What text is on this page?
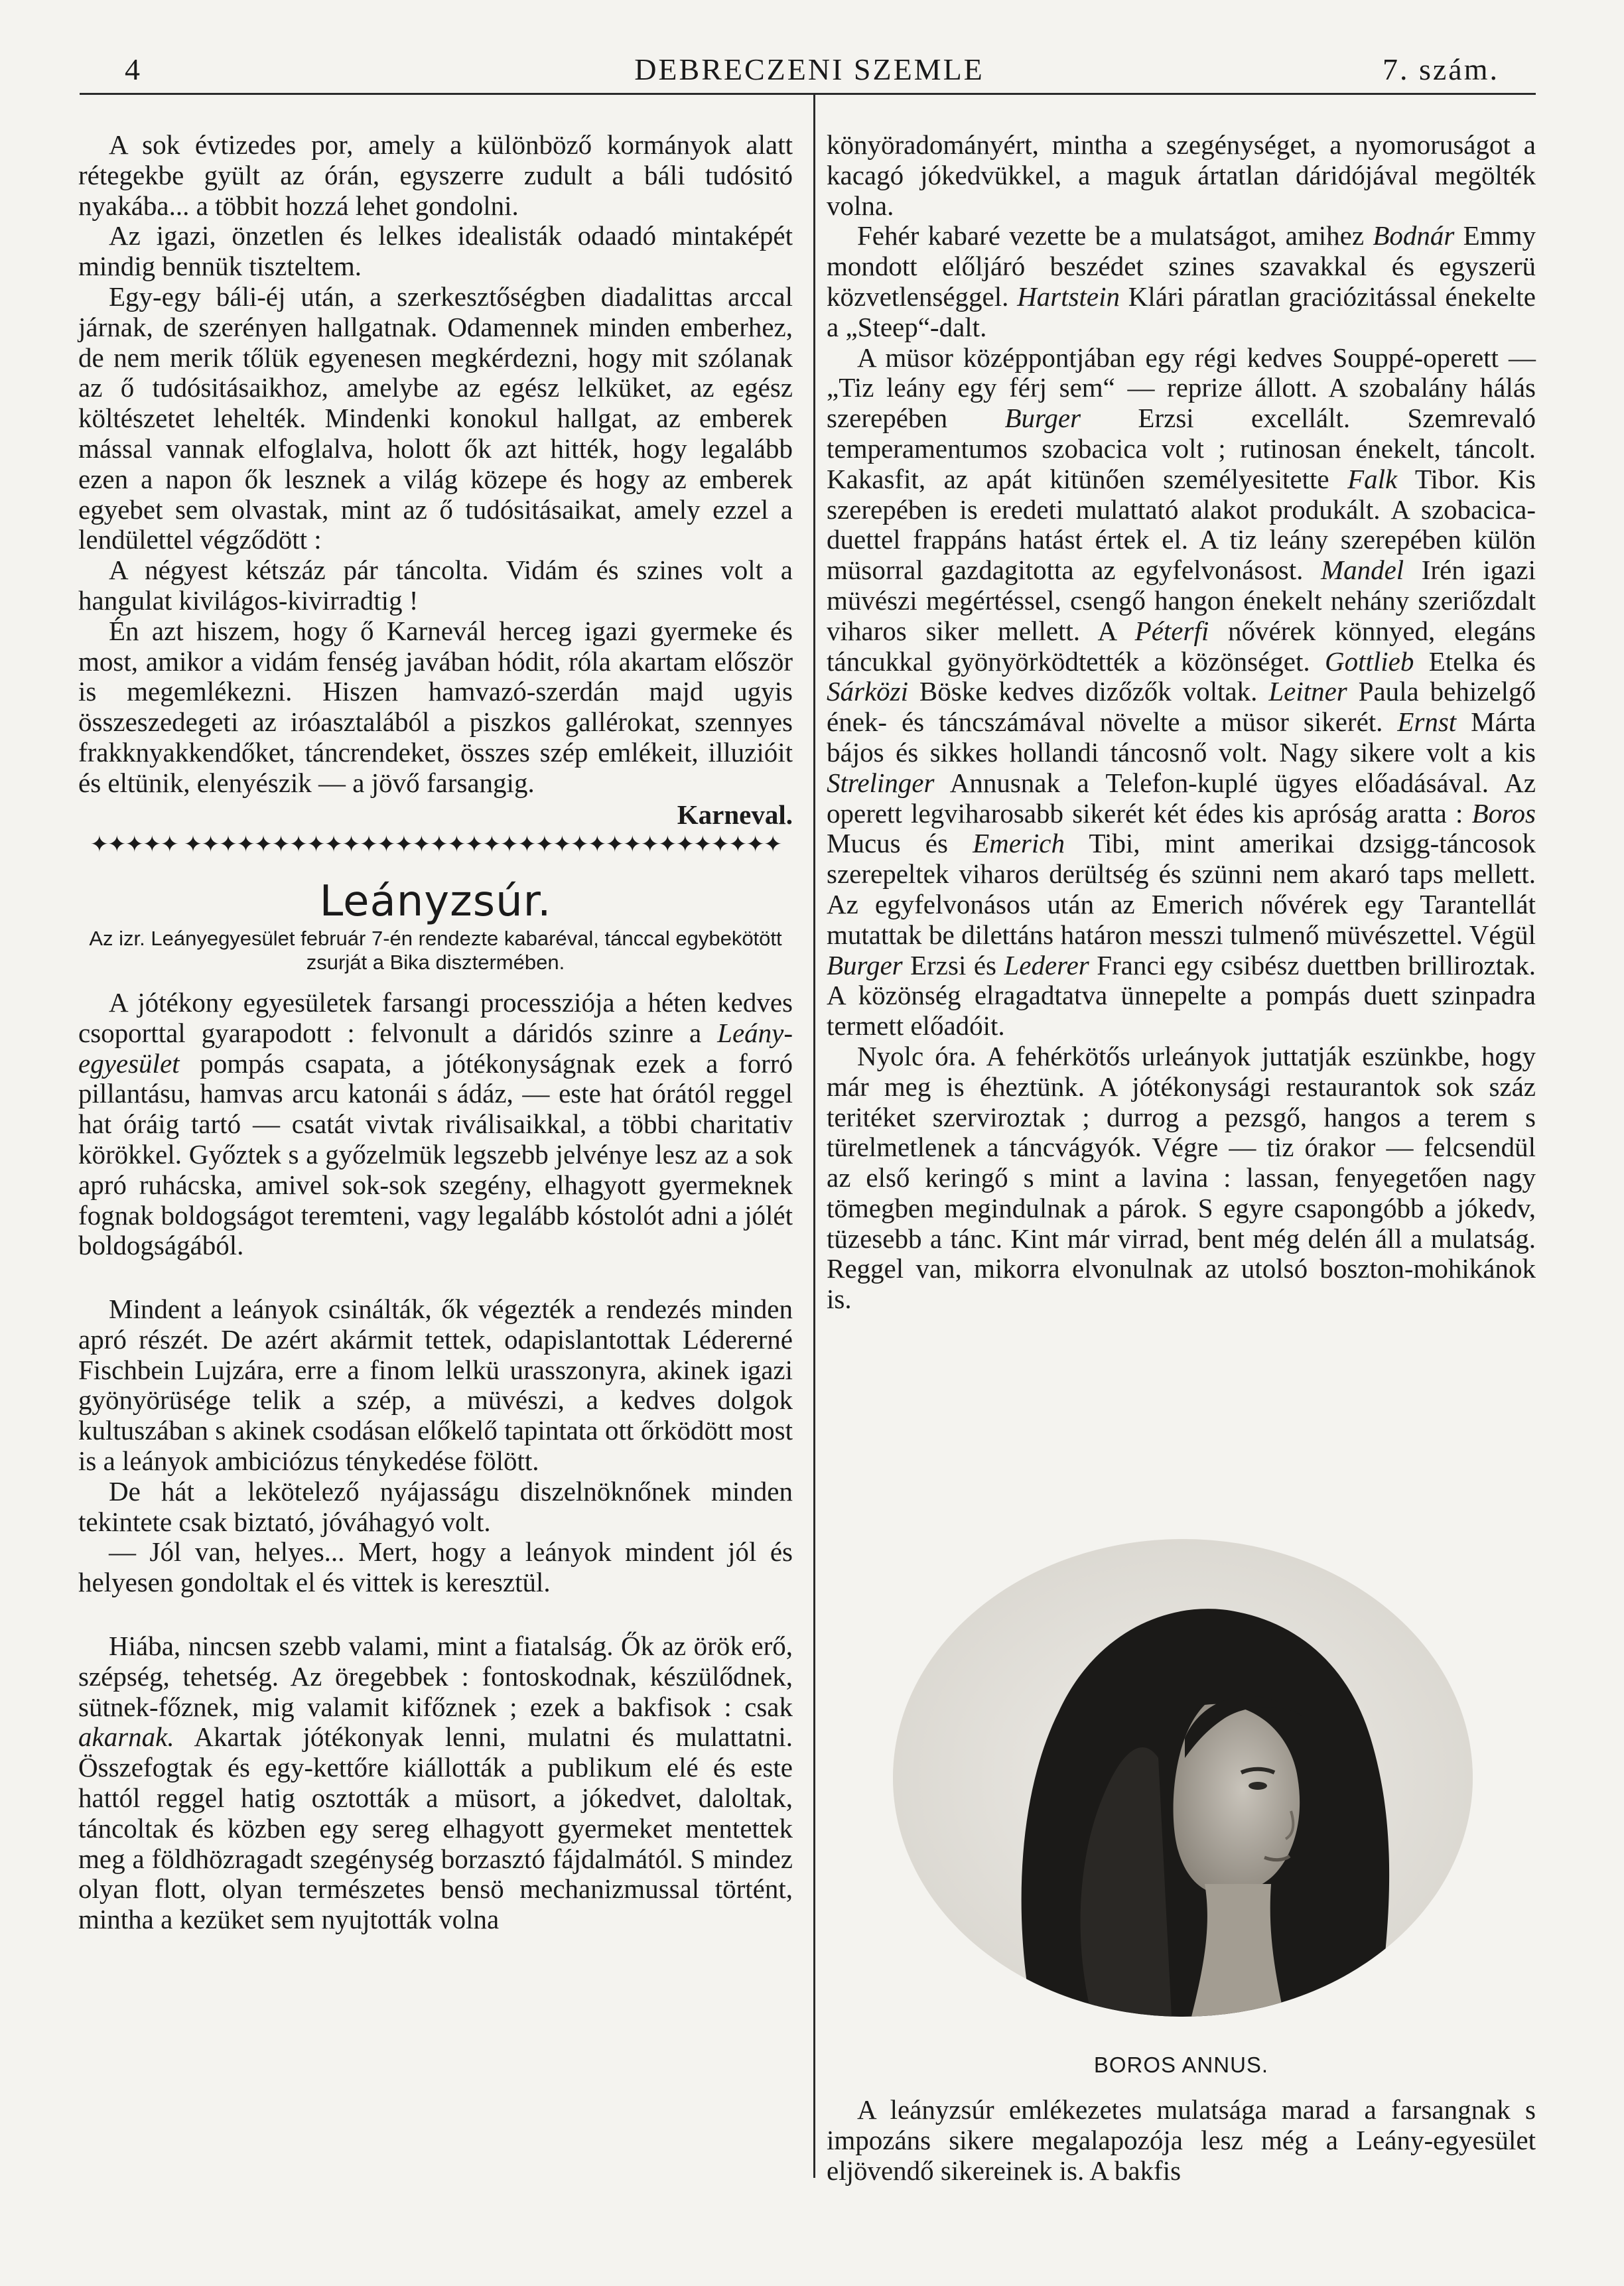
4	DEBRECZENI SZEMLE	7. szám.

A sok évtizedes por, amely a különböző kormányok alatt rétegekbe gyült az órán, egyszerre zudult a báli tudósitó nyakába... a többit hozzá lehet gondolni.

Az igazi, önzetlen és lelkes idealisták odaadó mintaképét mindig bennük tiszteltem.

Egy-egy báli-éj után, a szerkesztőségben diadalittas arccal járnak, de szerényen hallgatnak. Odamennek minden emberhez, de nem merik tőlük egyenesen megkérdezni, hogy mit szólanak az ő tudósitásaikhoz, amelybe az egész lelküket, az egész költészetet lehelték. Mindenki konokul hallgat, az emberek mással vannak elfoglalva, holott ők azt hitték, hogy legalább ezen a napon ők lesznek a világ közepe és hogy az emberek egyebet sem olvastak, mint az ő tudósitásaikat, amely ezzel a lendülettel végződött :

A négyest kétszáz pár táncolta. Vidám és szines volt a hangulat kivilágos-kivirradtig !

Én azt hiszem, hogy ő Karnevál herceg igazi gyermeke és most, amikor a vidám fenség javában hódit, róla akartam először is megemlékezni. Hiszen hamvazó-szerdán majd ugyis összeszedegeti az iróasztalából a piszkos gallérokat, szennyes frakknyakkendőket, táncrendeket, összes szép emlékeit, illuzióit és eltünik, elenyészik — a jövő farsangig.

Karneval.

✦✦✦✦✦ ✦✦✦✦✦✦✦✦✦✦✦✦✦✦✦✦✦✦✦✦✦✦✦✦✦✦✦✦✦✦✦✦✦✦

Leányzsúr.

Az izr. Leányegyesület február 7-én rendezte kabaréval, tánccal egybekötött zsurját a Bika disztermében.

A jótékony egyesületek farsangi processziója a héten kedves csoporttal gyarapodott : felvonult a dáridós szinre a Leány-egyesület pompás csapata, a jótékonyságnak ezek a forró pillantásu, hamvas arcu katonái s ádáz, — este hat órától reggel hat óráig tartó — csatát vivtak riválisaikkal, a többi charitativ körökkel. Győztek s a győzelmük legszebb jelvénye lesz az a sok apró ruhácska, amivel sok-sok szegény, elhagyott gyermeknek fognak boldogságot teremteni, vagy legalább kóstolót adni a jólét boldogságából.

Mindent a leányok csinálták, ők végezték a rendezés minden apró részét. De azért akármit tettek, odapislantottak Lédererné Fischbein Lujzára, erre a finom lelkü urasszonyra, akinek igazi gyönyörüsége telik a szép, a müvészi, a kedves dolgok kultuszában s akinek csodásan előkelő tapintata ott őrködött most is a leányok ambiciózus ténykedése fölött.

De hát a lekötelező nyájasságu diszelnöknőnek minden tekintete csak biztató, jóváhagyó volt.

— Jól van, helyes... Mert, hogy a leányok mindent jól és helyesen gondoltak el és vittek is keresztül.

Hiába, nincsen szebb valami, mint a fiatalság. Ők az örök erő, szépség, tehetség. Az öregebbek : fontoskodnak, készülődnek, sütnek-főznek, mig valamit kifőznek ; ezek a bakfisok : csak akarnak. Akartak jótékonyak lenni, mulatni és mulattatni. Összefogtak és egy-kettőre kiállották a publikum elé és este hattól reggel hatig osztották a müsort, a jókedvet, daloltak, táncoltak és közben egy sereg elhagyott gyermeket mentettek meg a földhözragadt szegénység borzasztó fájdalmától. S mindez olyan flott, olyan természetes bensö mechanizmussal történt, mintha a kezüket sem nyujtották volna

könyöradományért, mintha a szegénységet, a nyomoruságot a kacagó jókedvükkel, a maguk ártatlan dáridójával megölték volna.

Fehér kabaré vezette be a mulatságot, amihez Bodnár Emmy mondott előljáró beszédet szines szavakkal és egyszerü közvetlenséggel. Hartstein Klári páratlan graciózitással énekelte a „Steep“-dalt.

A müsor középpontjában egy régi kedves Souppé-operett — „Tiz leány egy férj sem“ — reprize állott. A szobalány hálás szerepében Burger Erzsi excellált. Szemrevaló temperamentumos szobacica volt ; rutinosan énekelt, táncolt. Kakasfit, az apát kitünően személyesitette Falk Tibor. Kis szerepében is eredeti mulattató alakot produkált. A szobacica-duettel frappáns hatást értek el. A tiz leány szerepében külön müsorral gazdagitotta az egyfelvonásost. Mandel Irén igazi müvészi megértéssel, csengő hangon énekelt nehány szeriőzdalt viharos siker mellett. A Péterfi nővérek könnyed, elegáns táncukkal gyönyörködtették a közönséget. Gottlieb Etelka és Sárközi Böske kedves dizőzők voltak. Leitner Paula behizelgő ének- és táncszámával növelte a müsor sikerét. Ernst Márta bájos és sikkes hollandi táncosnő volt. Nagy sikere volt a kis Strelinger Annusnak a Telefon-kuplé ügyes előadásával. Az operett legviharosabb sikerét két édes kis apróság aratta : Boros Mucus és Emerich Tibi, mint amerikai dzsigg-táncosok szerepeltek viharos derültség és szünni nem akaró taps mellett. Az egyfelvonásos után az Emerich nővérek egy Tarantellát mutattak be dilettáns határon messzi tulmenő müvészettel. Végül Burger Erzsi és Lederer Franci egy csibész duettben brilliroztak. A közönség elragadtatva ünnepelte a pompás duett szinpadra termett előadóit.

Nyolc óra. A fehérkötős urleányok juttatják eszünkbe, hogy már meg is éheztünk. A jótékonysági restaurantok sok száz teritéket szerviroztak ; durrog a pezsgő, hangos a terem s türelmetlenek a táncvágyók. Végre — tiz órakor — felcsendül az első keringő s mint a lavina : lassan, fenyegetően nagy tömegben megindulnak a párok. S egyre csapongóbb a jókedv, tüzesebb a tánc. Kint már virrad, bent még delén áll a mulatság. Reggel van, mikorra elvonulnak az utolsó boszton-mohikánok is.

BOROS ANNUS.

A leányzsúr emlékezetes mulatsága marad a farsangnak s impozáns sikere megalapozója lesz még a Leány-egyesület eljövendő sikereinek is. A bakfis
